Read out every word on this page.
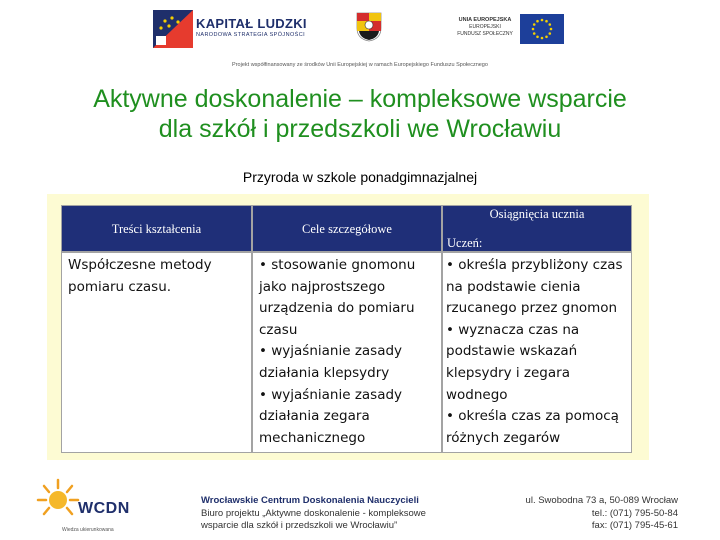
KAPITAŁ LUDZKI
NARODOWA STRATEGIA SPÓJNOŚCI
UNIA EUROPEJSKA
EUROPEJSKI
FUNDUSZ SPOŁECZNY
Projekt współfinansowany ze środków Unii Europejskiej w ramach Europejskiego Funduszu Społecznego
Aktywne doskonalenie – kompleksowe wsparcie
dla szkół i przedszkoli we Wrocławiu
Przyroda w szkole ponadgimnazjalnej
Treści kształcenia	Cele szczegółowe
Osiągnięcia ucznia
Uczeń:
Współczesne metody
pomiaru czasu.
• stosowanie gnomonu
jako najprostszego
urządzenia do pomiaru
czasu
• wyjaśnianie zasady
działania klepsydry
• wyjaśnianie zasady
działania zegara
mechanicznego
• określa przybliżony czas
na podstawie cienia
rzucanego przez gnomon
• wyznacza czas na
podstawie wskazań
klepsydry i zegara
wodnego
• określa czas za pomocą
różnych zegarów
WCDN
Wiedza ukierunkowana
Wrocławskie Centrum Doskonalenia Nauczycieli
Biuro projektu „Aktywne doskonalenie - kompleksowe
wsparcie dla szkół i przedszkoli we Wrocławiu”
ul. Swobodna 73 a, 50-089 Wrocław
tel.: (071) 795-50-84
fax: (071) 795-45-61
